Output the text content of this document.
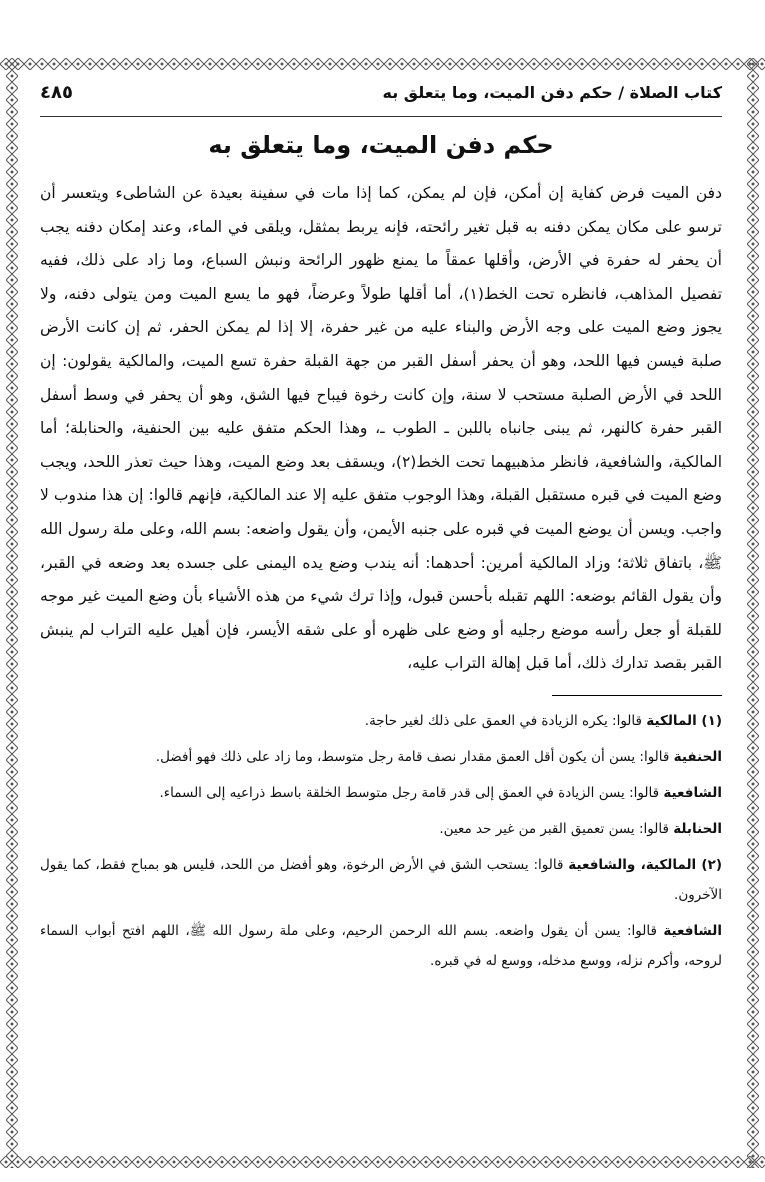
كتاب الصلاة / حكم دفن الميت، وما يتعلق به
٤٨٥
حكم دفن الميت، وما يتعلق به

دفن الميت فرض كفاية إن أمكن، فإن لم يمكن، كما إذا مات في سفينة بعيدة عن الشاطىء ويتعسر أن ترسو على مكان يمكن دفنه به قبل تغير رائحته، فإنه يربط بمثقل، ويلقى في الماء، وعند إمكان دفنه يجب أن يحفر له حفرة في الأرض، وأقلها عمقاً ما يمنع ظهور الرائحة ونبش السباع، وما زاد على ذلك، ففيه تفصيل المذاهب، فانظره تحت الخط(١)، أما أقلها طولاً وعرضاً، فهو ما يسع الميت ومن يتولى دفنه، ولا يجوز وضع الميت على وجه الأرض والبناء عليه من غير حفرة، إلا إذا لم يمكن الحفر، ثم إن كانت الأرض صلبة فيسن فيها اللحد، وهو أن يحفر أسفل القبر من جهة القبلة حفرة تسع الميت، والمالكية يقولون: إن اللحد في الأرض الصلبة مستحب لا سنة، وإن كانت رخوة فيباح فيها الشق، وهو أن يحفر في وسط أسفل القبر حفرة كالنهر، ثم يبنى جانباه باللبن ـ الطوب ـ، وهذا الحكم متفق عليه بين الحنفية، والحنابلة؛ أما المالكية، والشافعية، فانظر مذهبيهما تحت الخط(٢)، ويسقف بعد وضع الميت، وهذا حيث تعذر اللحد، ويجب وضع الميت في قبره مستقبل القبلة، وهذا الوجوب متفق عليه إلا عند المالكية، فإنهم قالوا: إن هذا مندوب لا واجب. ويسن أن يوضع الميت في قبره على جنبه الأيمن، وأن يقول واضعه: بسم الله، وعلى ملة رسول الله ﷺ، باتفاق ثلاثة؛ وزاد المالكية أمرين: أحدهما: أنه يندب وضع يده اليمنى على جسده بعد وضعه في القبر، وأن يقول القائم بوضعه: اللهم تقبله بأحسن قبول، وإذا ترك شيء من هذه الأشياء بأن وضع الميت غير موجه للقبلة أو جعل رأسه موضع رجليه أو وضع على ظهره أو على شقه الأيسر، فإن أهيل عليه التراب لم ينبش القبر بقصد تدارك ذلك، أما قبل إهالة التراب عليه،

(١) المالكية قالوا: يكره الزيادة في العمق على ذلك لغير حاجة.

الحنفية قالوا: يسن أن يكون أقل العمق مقدار نصف قامة رجل متوسط، وما زاد على ذلك فهو أفضل.

الشافعية قالوا: يسن الزيادة في العمق إلى قدر قامة رجل متوسط الخلقة باسط ذراعيه إلى السماء.

الحنابلة قالوا: يسن تعميق القبر من غير حد معين.

(٢) المالكية، والشافعية قالوا: يستحب الشق في الأرض الرخوة، وهو أفضل من اللحد، فليس هو بمباح فقط، كما يقول الآخرون.

الشافعية قالوا: يسن أن يقول واضعه. بسم الله الرحمن الرحيم، وعلى ملة رسول الله ﷺ، اللهم افتح أبواب السماء لروحه، وأكرم نزله، ووسع مدخله، ووسع له في قبره.
